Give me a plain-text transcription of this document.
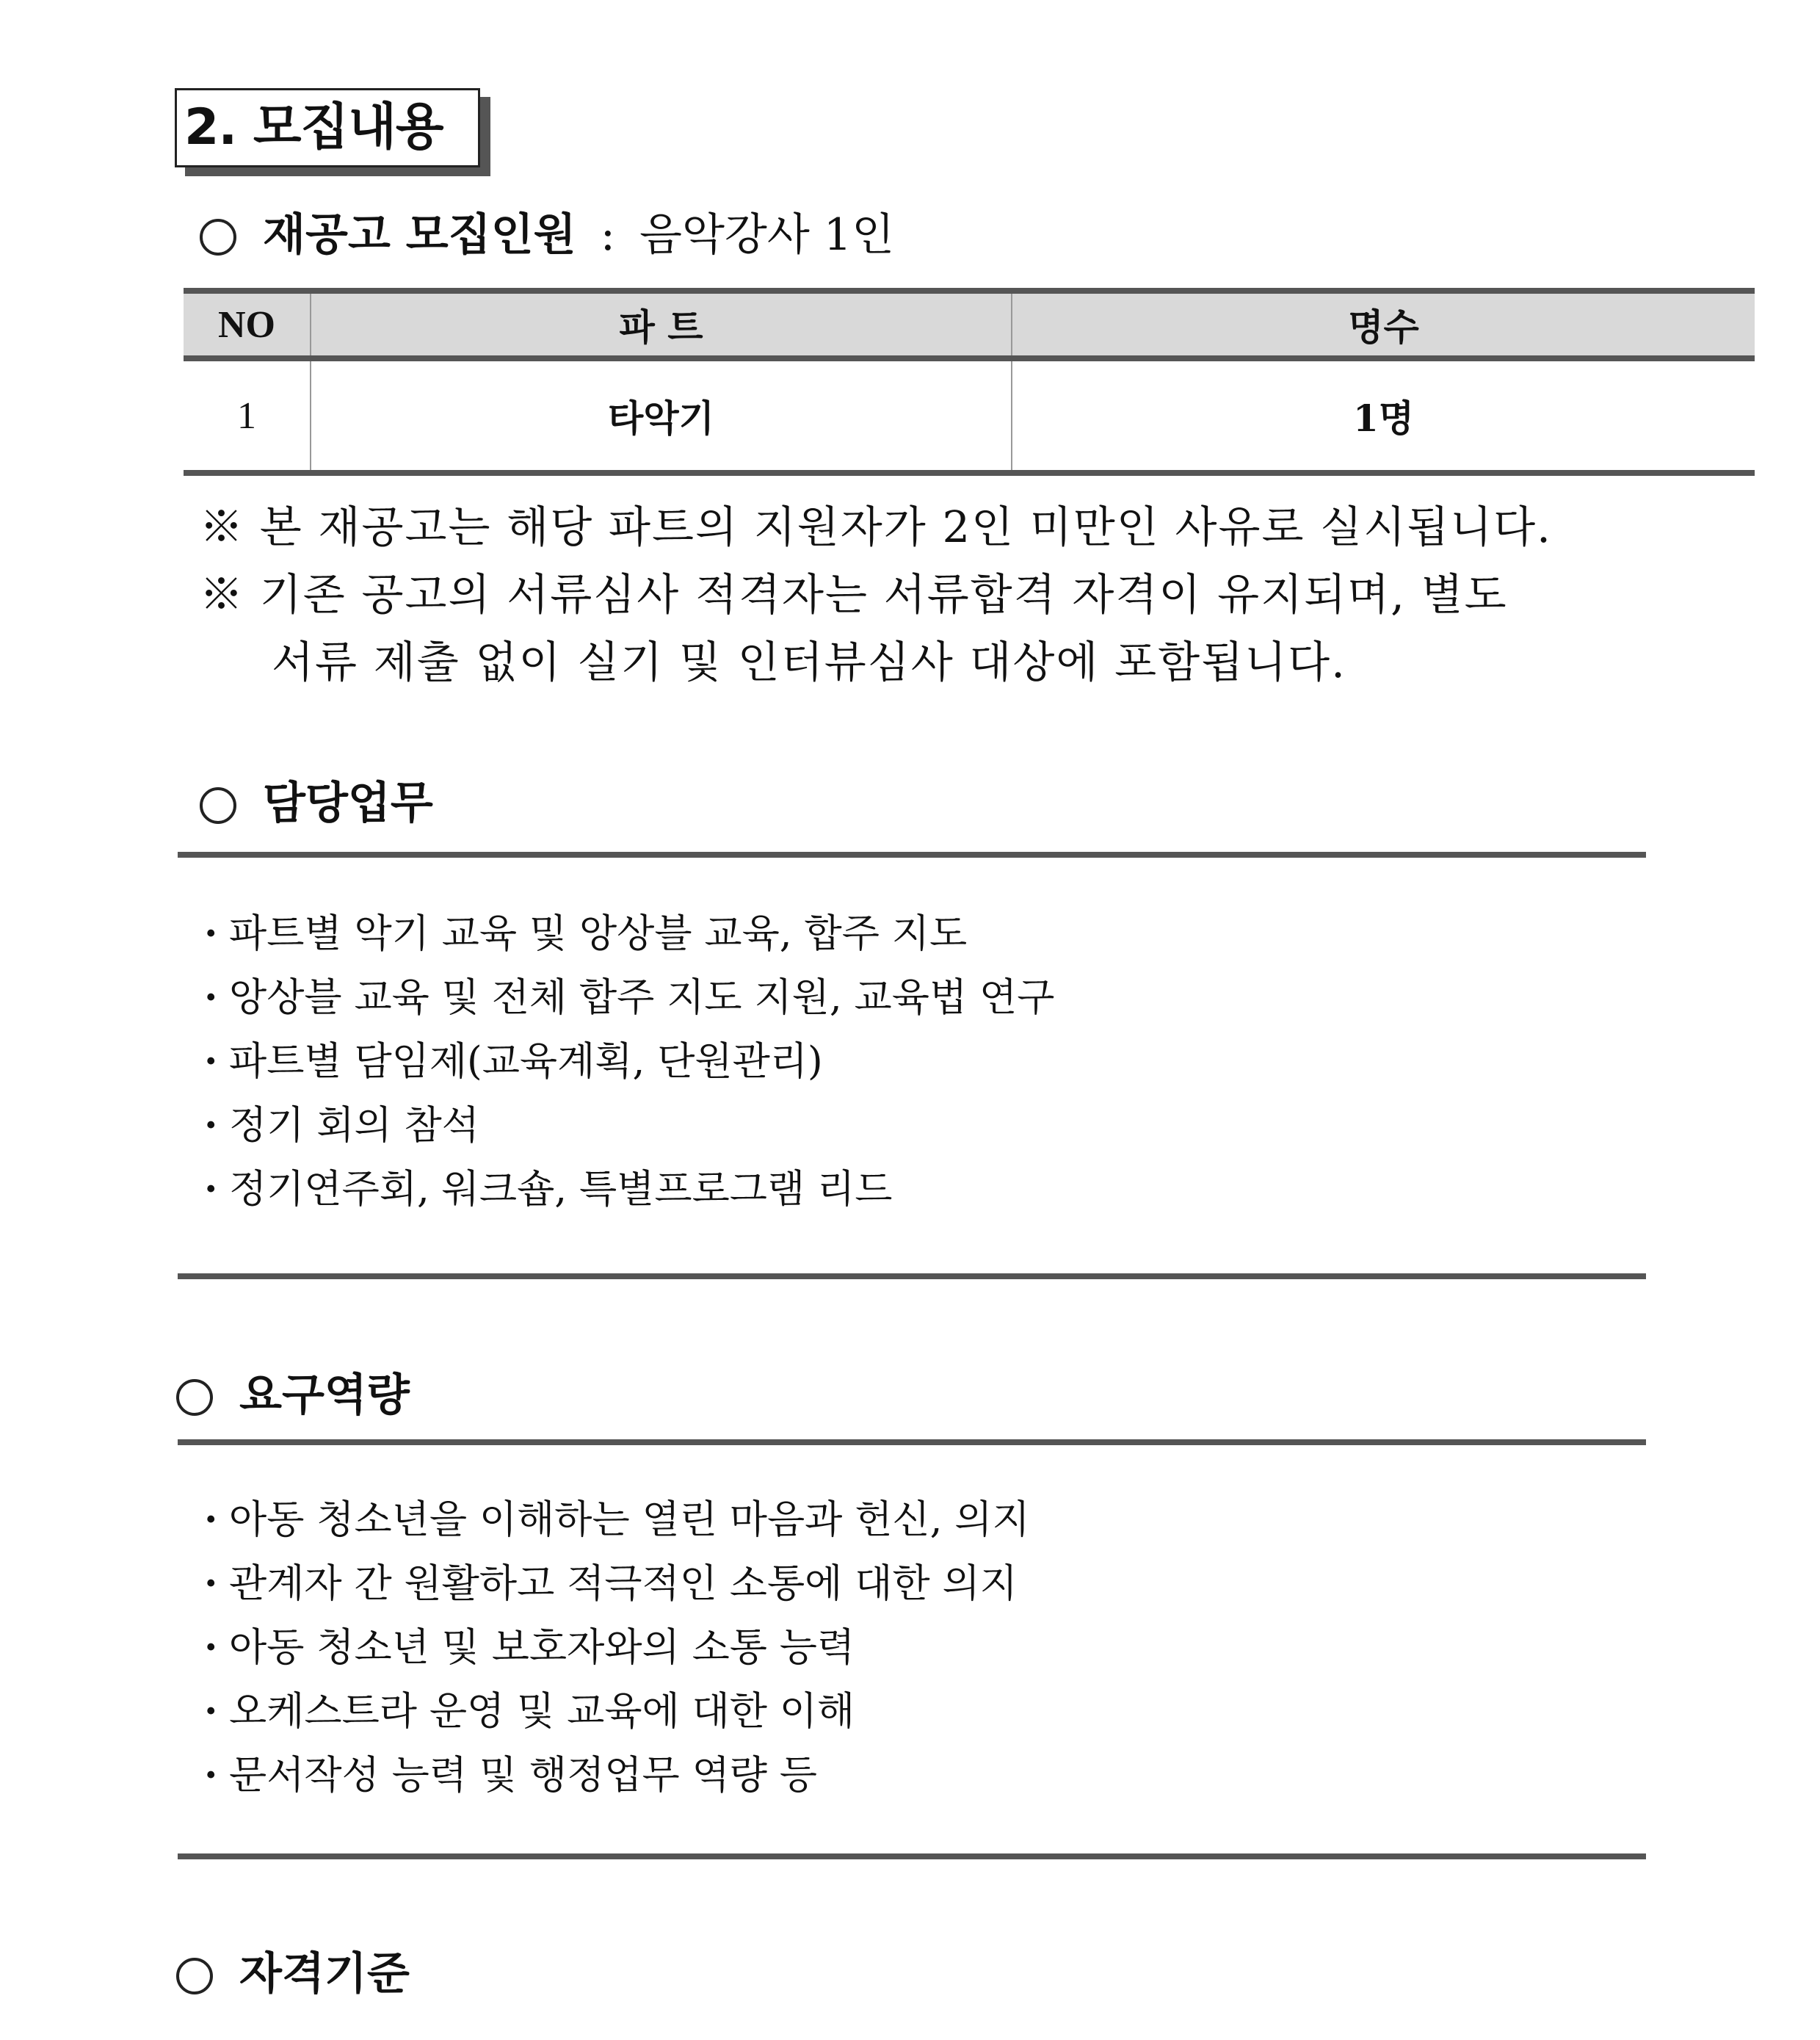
2. 모집내용
재공고 모집인원 : 음악강사 1인
NO	파 트	명수
1	타악기	1명
※ 본 재공고는 해당 파트의 지원자가 2인 미만인 사유로 실시됩니다.
※ 기존 공고의 서류심사 적격자는 서류합격 자격이 유지되며, 별도
서류 제출 없이 실기 및 인터뷰심사 대상에 포함됩니다.
담당업무
· 파트별 악기 교육 및 앙상블 교육, 합주 지도
· 앙상블 교육 및 전체 합주 지도 지원, 교육법 연구
· 파트별 담임제(교육계획, 단원관리)
· 정기 회의 참석
· 정기연주회, 워크숍, 특별프로그램 리드
요구역량
· 아동 청소년을 이해하는 열린 마음과 헌신, 의지
· 관계자 간 원활하고 적극적인 소통에 대한 의지
· 아동 청소년 및 보호자와의 소통 능력
· 오케스트라 운영 및 교육에 대한 이해
· 문서작성 능력 및 행정업무 역량 등
자격기준
